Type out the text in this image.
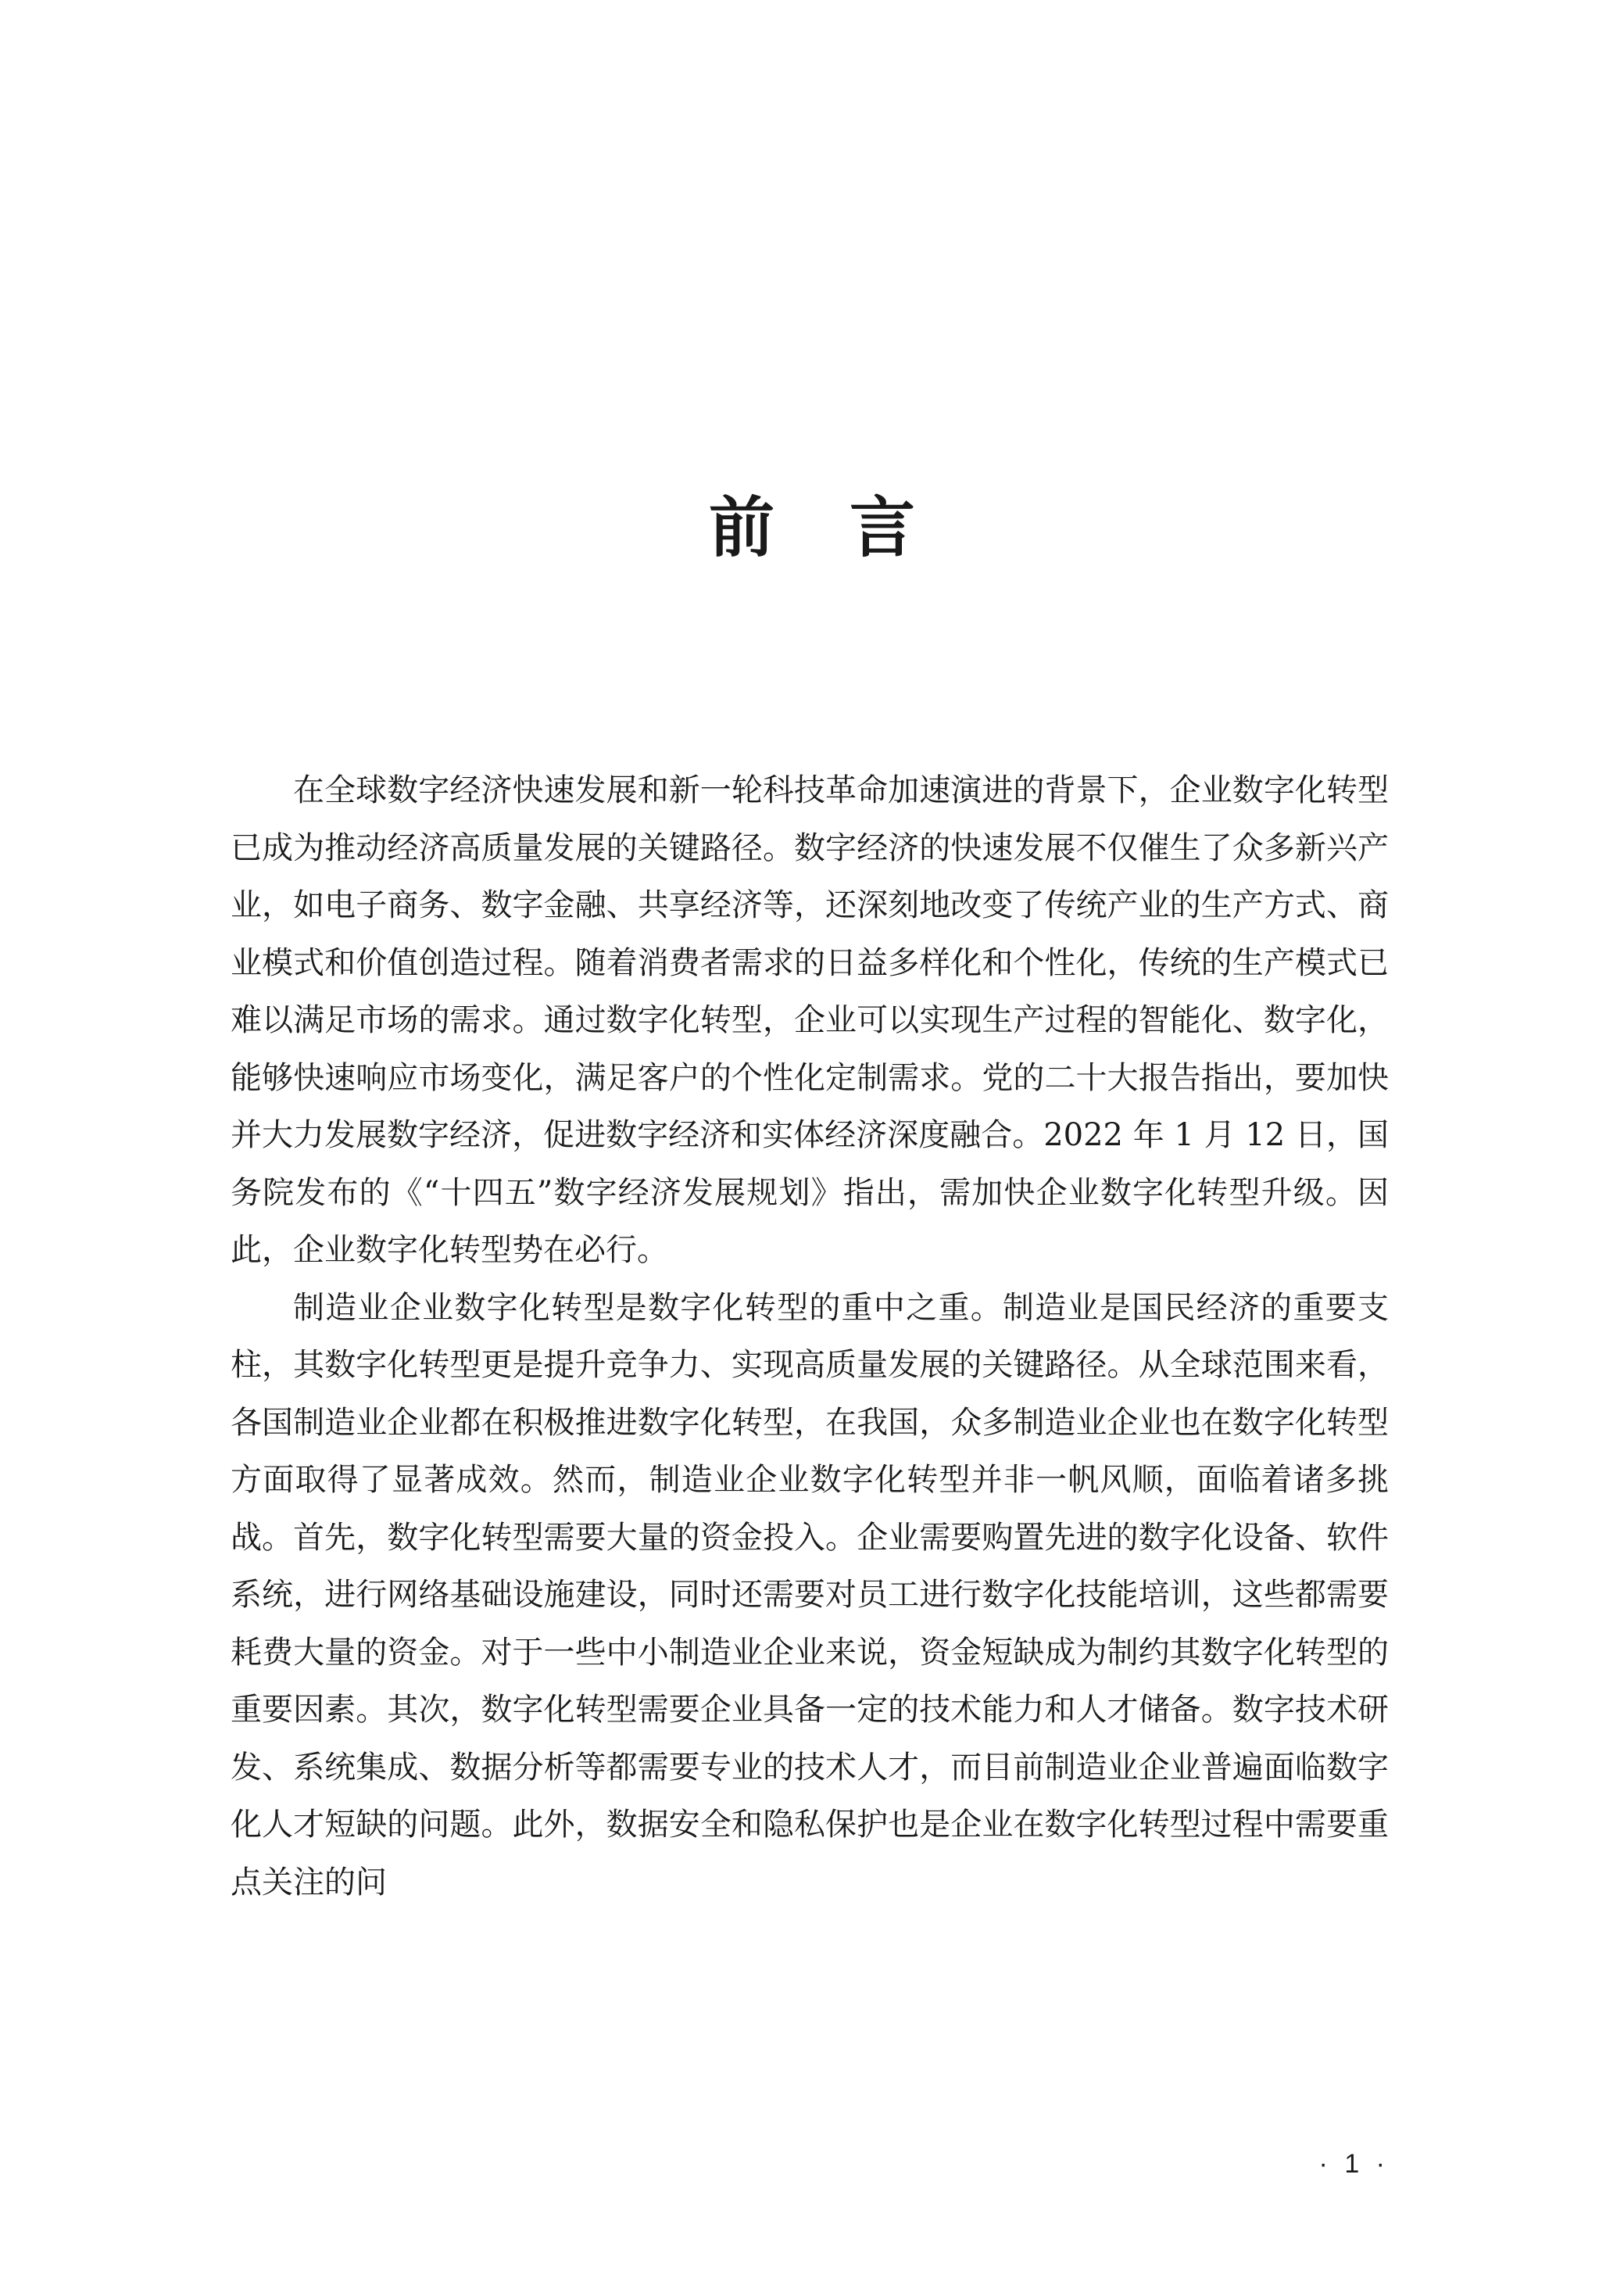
前言

在全球数字经济快速发展和新一轮科技革命加速演进的背景下，企业数字化转型已成为推动经济高质量发展的关键路径。数字经济的快速发展不仅催生了众多新兴产业，如电子商务、数字金融、共享经济等，还深刻地改变了传统产业的生产方式、商业模式和价值创造过程。随着消费者需求的日益多样化和个性化，传统的生产模式已难以满足市场的需求。通过数字化转型，企业可以实现生产过程的智能化、数字化，能够快速响应市场变化，满足客户的个性化定制需求。党的二十大报告指出，要加快并大力发展数字经济，促进数字经济和实体经济深度融合。2022 年 1 月 12 日，国务院发布的《“十四五”数字经济发展规划》指出，需加快企业数字化转型升级。因此，企业数字化转型势在必行。

制造业企业数字化转型是数字化转型的重中之重。制造业是国民经济的重要支柱，其数字化转型更是提升竞争力、实现高质量发展的关键路径。从全球范围来看，各国制造业企业都在积极推进数字化转型，在我国，众多制造业企业也在数字化转型方面取得了显著成效。然而，制造业企业数字化转型并非一帆风顺，面临着诸多挑战。首先，数字化转型需要大量的资金投入。企业需要购置先进的数字化设备、软件系统，进行网络基础设施建设，同时还需要对员工进行数字化技能培训，这些都需要耗费大量的资金。对于一些中小制造业企业来说，资金短缺成为制约其数字化转型的重要因素。其次，数字化转型需要企业具备一定的技术能力和人才储备。数字技术研发、系统集成、数据分析等都需要专业的技术人才，而目前制造业企业普遍面临数字化人才短缺的问题。此外，数据安全和隐私保护也是企业在数字化转型过程中需要重点关注的问

· 1 ·
